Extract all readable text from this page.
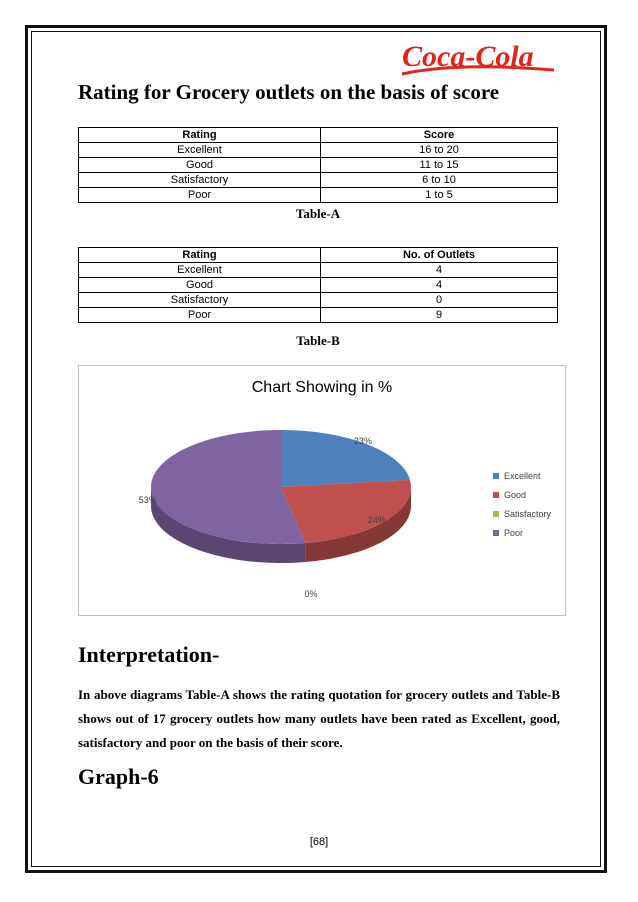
Coca-Cola
Rating for Grocery outlets on the basis of score
Rating	Score
Excellent	16 to 20
Good	11 to 15
Satisfactory	6 to 10
Poor	1 to 5
Table-A
Rating	No. of Outlets
Excellent	4
Good	4
Satisfactory	0
Poor	9
Table-B
Chart Showing in %
23%
24%
0%
53%
Excellent
Good
Satisfactory
Poor
Interpretation-
In above diagrams Table-A shows the rating quotation for grocery outlets and Table-B shows out of 17 grocery outlets how many outlets have been rated as Excellent, good, satisfactory and poor on the basis of their score.
Graph-6
[68]
